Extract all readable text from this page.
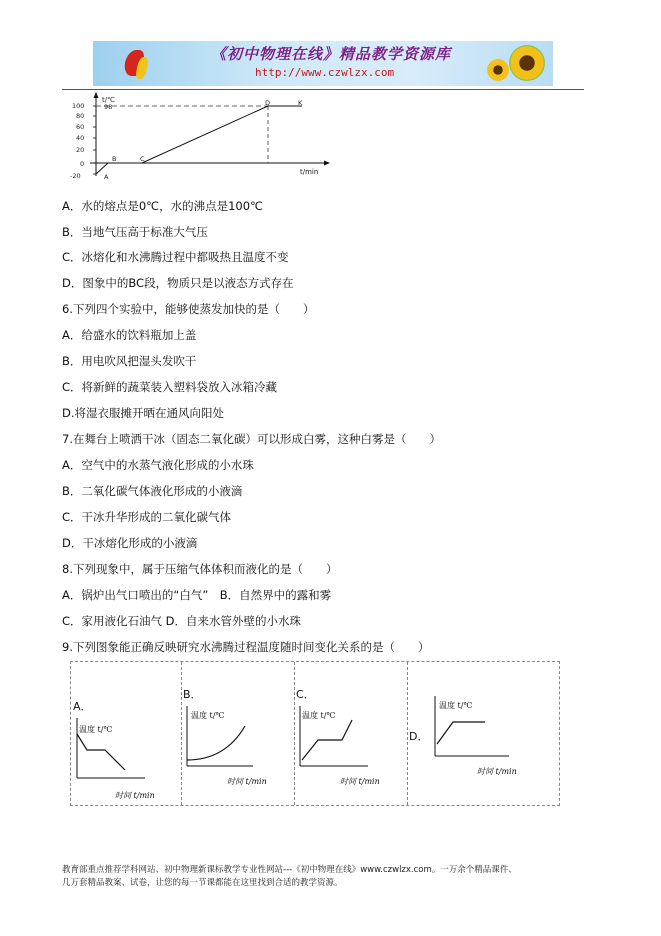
《初中物理在线》精品教学资源库
http://www.czwlzx.com
t/℃
t/min
100
80
60
40
20
0
-20
98
A
B	C
D	K
A．水的熔点是0℃，水的沸点是100℃
B．当地气压高于标准大气压
C．冰熔化和水沸腾过程中都吸热且温度不变
D．图象中的BC段，物质只是以液态方式存在
6.下列四个实验中，能够使蒸发加快的是（　　）
A．给盛水的饮料瓶加上盖
B．用电吹风把湿头发吹干
C．将新鲜的蔬菜装入塑料袋放入冰箱冷藏
D.将湿衣服摊开晒在通风向阳处
7.在舞台上喷洒干冰（固态二氧化碳）可以形成白雾，这种白雾是（　　）
A．空气中的水蒸气液化形成的小水珠
B．二氧化碳气体液化形成的小液滴
C．干冰升华形成的二氧化碳气体
D．干冰熔化形成的小液滴
8.下列现象中，属于压缩气体体积而液化的是（　　）
A．锅炉出气口喷出的“白气”　B．自然界中的露和雾
C．家用液化石油气 D．自来水管外壁的小水珠
9.下列图象能正确反映研究水沸腾过程温度随时间变化关系的是（　　）
A．
温度 t/℃
时间 t/min
B．
温度 t/℃
时间 t/min
C．
温度 t/℃
时间 t/min
D．
温度 t/℃
时间 t/min
教育部重点推荐学科网站、初中物理新课标教学专业性网站---《初中物理在线》www.czwlzx.com。一万余个精品课件、
几万套精品教案、试卷，让您的每一节课都能在这里找到合适的教学资源。
